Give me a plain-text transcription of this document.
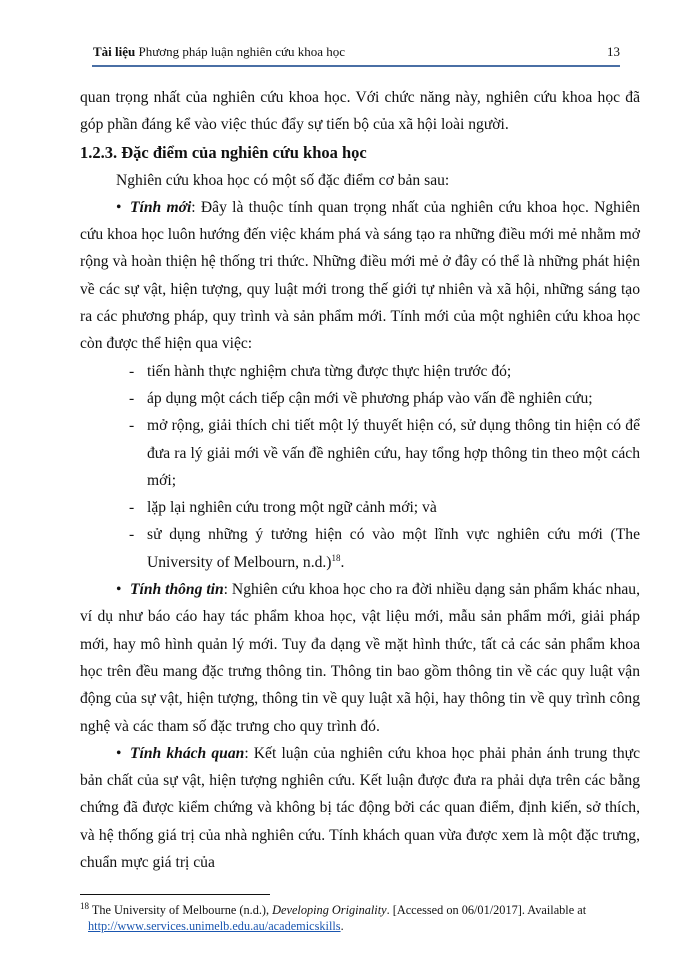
Tài liệu Phương pháp luận nghiên cứu khoa học	13

quan trọng nhất của nghiên cứu khoa học. Với chức năng này, nghiên cứu khoa học đã góp phần đáng kể vào việc thúc đẩy sự tiến bộ của xã hội loài người.

1.2.3. Đặc điểm của nghiên cứu khoa học

Nghiên cứu khoa học có một số đặc điểm cơ bản sau:

• Tính mới: Đây là thuộc tính quan trọng nhất của nghiên cứu khoa học. Nghiên cứu khoa học luôn hướng đến việc khám phá và sáng tạo ra những điều mới mẻ nhằm mở rộng và hoàn thiện hệ thống tri thức. Những điều mới mẻ ở đây có thể là những phát hiện về các sự vật, hiện tượng, quy luật mới trong thế giới tự nhiên và xã hội, những sáng tạo ra các phương pháp, quy trình và sản phẩm mới. Tính mới của một nghiên cứu khoa học còn được thể hiện qua việc:

- tiến hành thực nghiệm chưa từng được thực hiện trước đó;
- áp dụng một cách tiếp cận mới về phương pháp vào vấn đề nghiên cứu;
- mở rộng, giải thích chi tiết một lý thuyết hiện có, sử dụng thông tin hiện có để đưa ra lý giải mới về vấn đề nghiên cứu, hay tổng hợp thông tin theo một cách mới;
- lặp lại nghiên cứu trong một ngữ cảnh mới; và
- sử dụng những ý tưởng hiện có vào một lĩnh vực nghiên cứu mới (The University of Melbourn, n.d.)$^{18}$.

• Tính thông tin: Nghiên cứu khoa học cho ra đời nhiều dạng sản phẩm khác nhau, ví dụ như báo cáo hay tác phẩm khoa học, vật liệu mới, mẫu sản phẩm mới, giải pháp mới, hay mô hình quản lý mới. Tuy đa dạng về mặt hình thức, tất cả các sản phẩm khoa học trên đều mang đặc trưng thông tin. Thông tin bao gồm thông tin về các quy luật vận động của sự vật, hiện tượng, thông tin về quy luật xã hội, hay thông tin về quy trình công nghệ và các tham số đặc trưng cho quy trình đó.

• Tính khách quan: Kết luận của nghiên cứu khoa học phải phản ánh trung thực bản chất của sự vật, hiện tượng nghiên cứu. Kết luận được đưa ra phải dựa trên các bằng chứng đã được kiểm chứng và không bị tác động bởi các quan điểm, định kiến, sở thích, và hệ thống giá trị của nhà nghiên cứu. Tính khách quan vừa được xem là một đặc trưng, chuẩn mực giá trị của

$^{18}$ The University of Melbourne (n.d.), Developing Originality. [Accessed on 06/01/2017]. Available at
http://www.services.unimelb.edu.au/academicskills.
